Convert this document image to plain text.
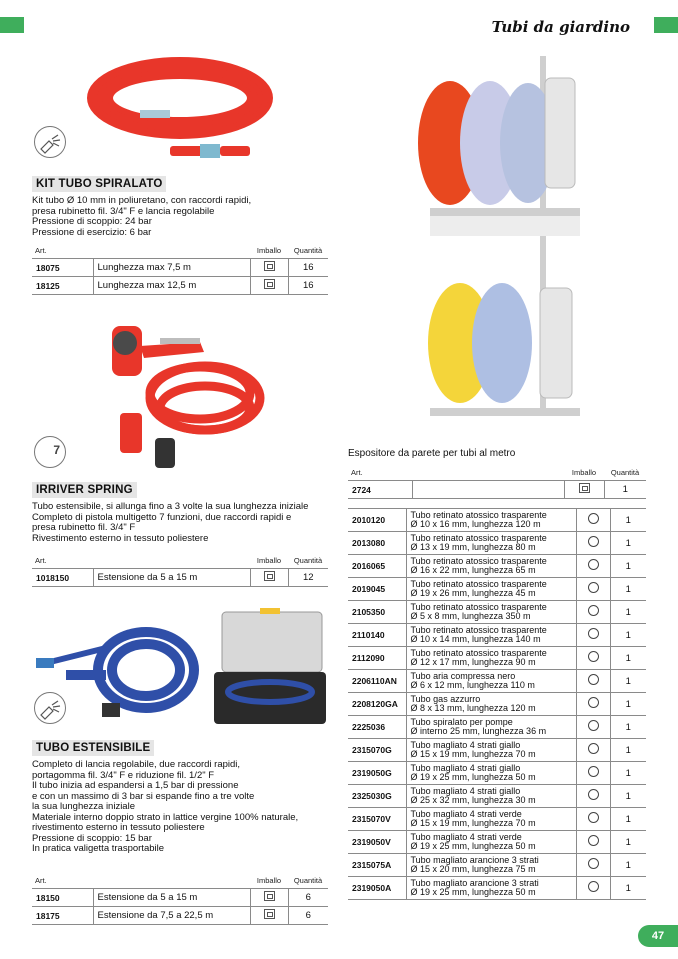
Tubi da giardino
KIT TUBO SPIRALATO
Kit tubo Ø 10 mm in poliuretano, con raccordi rapidi,
presa rubinetto fil. 3/4" F e lancia regolabile
Pressione di scoppio: 24 bar
Pressione di esercizio: 6 bar
Art.		Imballo	Quantità
18075	Lunghezza max 7,5 m		16
18125	Lunghezza max 12,5 m		16
7
IRRIVER SPRING
Tubo estensibile, si allunga fino a 3 volte la sua lunghezza iniziale
Completo di pistola multigetto 7 funzioni, due raccordi rapidi e
presa rubinetto fil. 3/4" F
Rivestimento esterno in tessuto poliestere
Art.		Imballo	Quantità
1018150	Estensione da 5 a 15 m		12
TUBO ESTENSIBILE
Completo di lancia regolabile, due raccordi rapidi,
portagomma fil. 3/4" F e riduzione fil. 1/2" F
Il tubo inizia ad espandersi a 1,5 bar di pressione
e con un massimo di 3 bar si espande fino a tre volte
la sua lunghezza iniziale
Materiale interno doppio strato in lattice vergine 100% naturale,
rivestimento esterno in tessuto poliestere
Pressione di scoppio: 15 bar
In pratica valigetta trasportabile
Art.		Imballo	Quantità
18150	Estensione da 5 a 15 m		6
18175	Estensione da 7,5 a 22,5 m		6
Espositore da parete per tubi al metro
Art.		Imballo	Quantità
2724			1
2010120	Tubo retinato atossico trasparente
Ø 10 x 16 mm, lunghezza 120 m		1
2013080	Tubo retinato atossico trasparente
Ø 13 x 19 mm, lunghezza 80 m		1
2016065	Tubo retinato atossico trasparente
Ø 16 x 22 mm, lunghezza 65 m		1
2019045	Tubo retinato atossico trasparente
Ø 19 x 26 mm, lunghezza 45 m		1
2105350	Tubo retinato atossico trasparente
Ø 5 x 8 mm, lunghezza 350 m		1
2110140	Tubo retinato atossico trasparente
Ø 10 x 14 mm, lunghezza 140 m		1
2112090	Tubo retinato atossico trasparente
Ø 12 x 17 mm, lunghezza 90 m		1
2206110AN	Tubo aria compressa nero
Ø 6 x 12 mm, lunghezza 110 m		1
2208120GA	Tubo gas azzurro
Ø 8 x 13 mm, lunghezza 120 m		1
2225036	Tubo spiralato per pompe
Ø interno 25 mm, lunghezza 36 m		1
2315070G	Tubo magliato 4 strati giallo
Ø 15 x 19 mm, lunghezza 70 m		1
2319050G	Tubo magliato 4 strati giallo
Ø 19 x 25 mm, lunghezza 50 m		1
2325030G	Tubo magliato 4 strati giallo
Ø 25 x 32 mm, lunghezza 30 m		1
2315070V	Tubo magliato 4 strati verde
Ø 15 x 19 mm, lunghezza 70 m		1
2319050V	Tubo magliato 4 strati verde
Ø 19 x 25 mm, lunghezza 50 m		1
2315075A	Tubo magliato arancione 3 strati
Ø 15 x 20 mm, lunghezza 75 m		1
2319050A	Tubo magliato arancione 3 strati
Ø 19 x 25 mm, lunghezza 50 m		1
47
